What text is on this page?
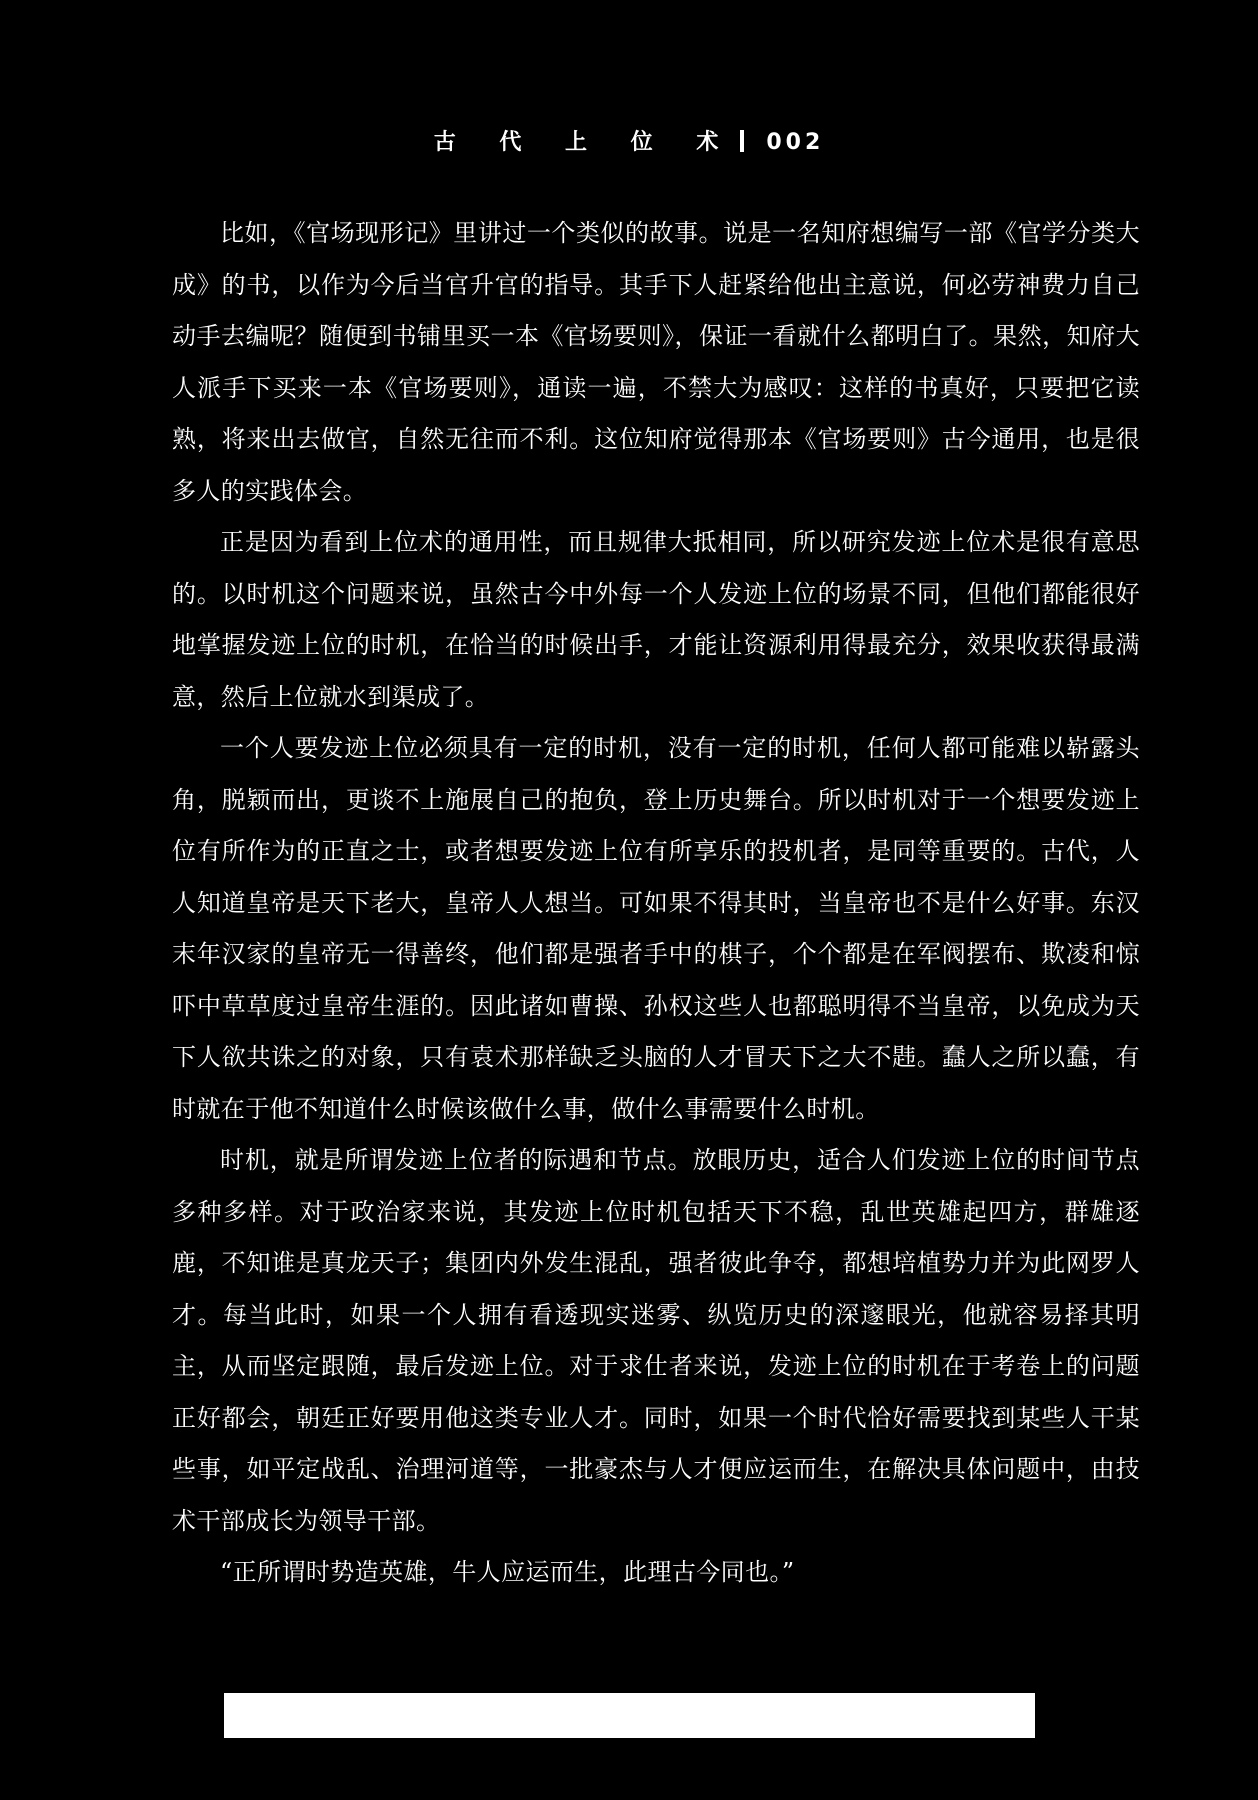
古 代 上 位 术 002

比如，《官场现形记》里讲过一个类似的故事。说是一名知府想编写一部《官学分类大成》的书，以作为今后当官升官的指导。其手下人赶紧给他出主意说，何必劳神费力自己动手去编呢？随便到书铺里买一本《官场要则》，保证一看就什么都明白了。果然，知府大人派手下买来一本《官场要则》，通读一遍，不禁大为感叹：这样的书真好，只要把它读熟，将来出去做官，自然无往而不利。这位知府觉得那本《官场要则》古今通用，也是很多人的实践体会。

正是因为看到上位术的通用性，而且规律大抵相同，所以研究发迹上位术是很有意思的。以时机这个问题来说，虽然古今中外每一个人发迹上位的场景不同，但他们都能很好地掌握发迹上位的时机，在恰当的时候出手，才能让资源利用得最充分，效果收获得最满意，然后上位就水到渠成了。

一个人要发迹上位必须具有一定的时机，没有一定的时机，任何人都可能难以崭露头角，脱颖而出，更谈不上施展自己的抱负，登上历史舞台。所以时机对于一个想要发迹上位有所作为的正直之士，或者想要发迹上位有所享乐的投机者，是同等重要的。古代，人人知道皇帝是天下老大，皇帝人人想当。可如果不得其时，当皇帝也不是什么好事。东汉末年汉家的皇帝无一得善终，他们都是强者手中的棋子，个个都是在军阀摆布、欺凌和惊吓中草草度过皇帝生涯的。因此诸如曹操、孙权这些人也都聪明得不当皇帝，以免成为天下人欲共诛之的对象，只有袁术那样缺乏头脑的人才冒天下之大不韪。蠢人之所以蠢，有时就在于他不知道什么时候该做什么事，做什么事需要什么时机。

时机，就是所谓发迹上位者的际遇和节点。放眼历史，适合人们发迹上位的时间节点多种多样。对于政治家来说，其发迹上位时机包括天下不稳，乱世英雄起四方，群雄逐鹿，不知谁是真龙天子；集团内外发生混乱，强者彼此争夺，都想培植势力并为此网罗人才。每当此时，如果一个人拥有看透现实迷雾、纵览历史的深邃眼光，他就容易择其明主，从而坚定跟随，最后发迹上位。对于求仕者来说，发迹上位的时机在于考卷上的问题正好都会，朝廷正好要用他这类专业人才。同时，如果一个时代恰好需要找到某些人干某些事，如平定战乱、治理河道等，一批豪杰与人才便应运而生，在解决具体问题中，由技术干部成长为领导干部。

“正所谓时势造英雄，牛人应运而生，此理古今同也。”
